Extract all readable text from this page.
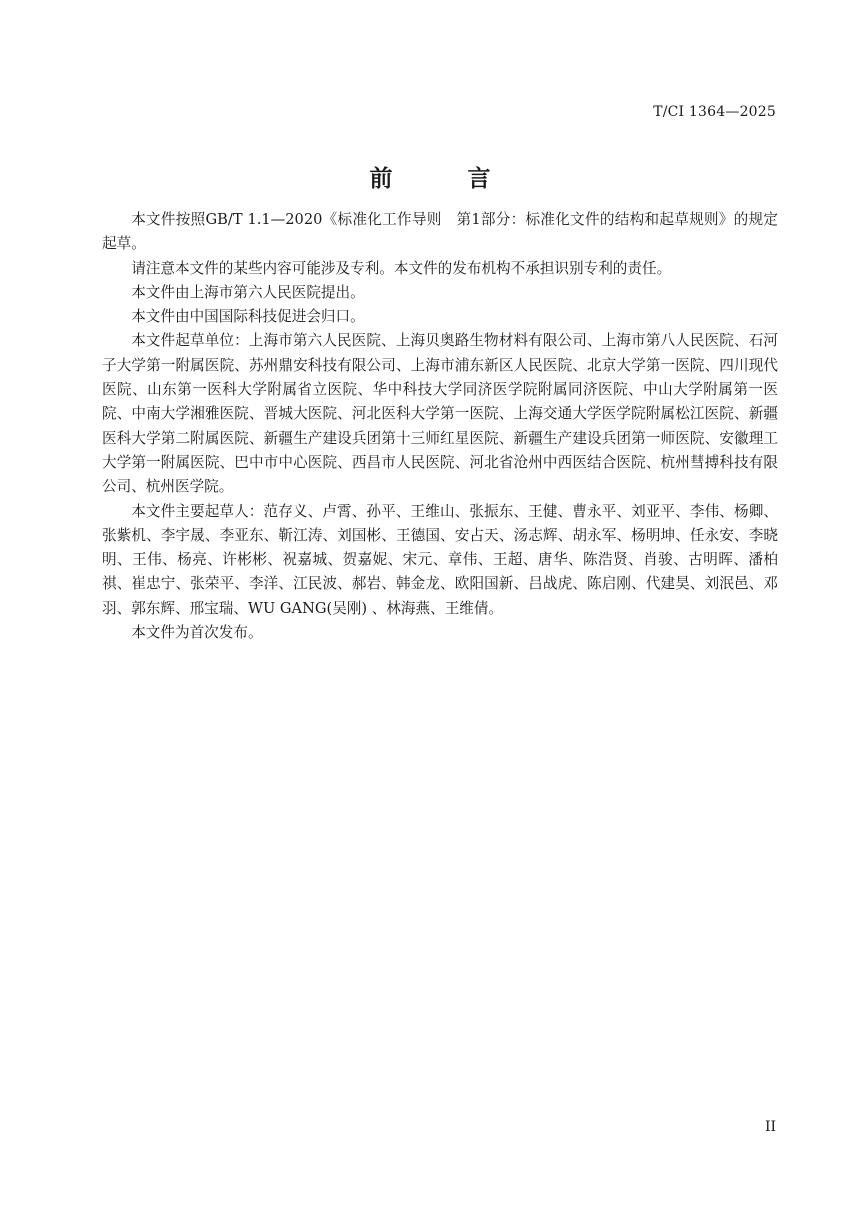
T/CI 1364—2025
前　言

本文件按照GB/T 1.1—2020《标准化工作导则　第1部分：标准化文件的结构和起草规则》的规定起草。

请注意本文件的某些内容可能涉及专利。本文件的发布机构不承担识别专利的责任。

本文件由上海市第六人民医院提出。

本文件由中国国际科技促进会归口。

本文件起草单位：上海市第六人民医院、上海贝奥路生物材料有限公司、上海市第八人民医院、石河子大学第一附属医院、苏州鼎安科技有限公司、上海市浦东新区人民医院、北京大学第一医院、四川现代医院、山东第一医科大学附属省立医院、华中科技大学同济医学院附属同济医院、中山大学附属第一医院、中南大学湘雅医院、晋城大医院、河北医科大学第一医院、上海交通大学医学院附属松江医院、新疆医科大学第二附属医院、新疆生产建设兵团第十三师红星医院、新疆生产建设兵团第一师医院、安徽理工大学第一附属医院、巴中市中心医院、西昌市人民医院、河北省沧州中西医结合医院、杭州彗搏科技有限公司、杭州医学院。

本文件主要起草人：范存义、卢霄、孙平、王维山、张振东、王健、曹永平、刘亚平、李伟、杨卿、张紫机、李宇晟、李亚东、靳江涛、刘国彬、王德国、安占天、汤志辉、胡永军、杨明坤、任永安、李晓明、王伟、杨亮、许彬彬、祝嘉城、贺嘉妮、宋元、章伟、王超、唐华、陈浩贤、肖骏、古明晖、潘柏祺、崔忠宁、张荣平、李洋、江民波、郝岩、韩金龙、欧阳国新、吕战虎、陈启刚、代建昊、刘泯邑、邓羽、郭东辉、邢宝瑞、WU GANG(吴刚) 、林海燕、王维倩。

本文件为首次发布。

II
